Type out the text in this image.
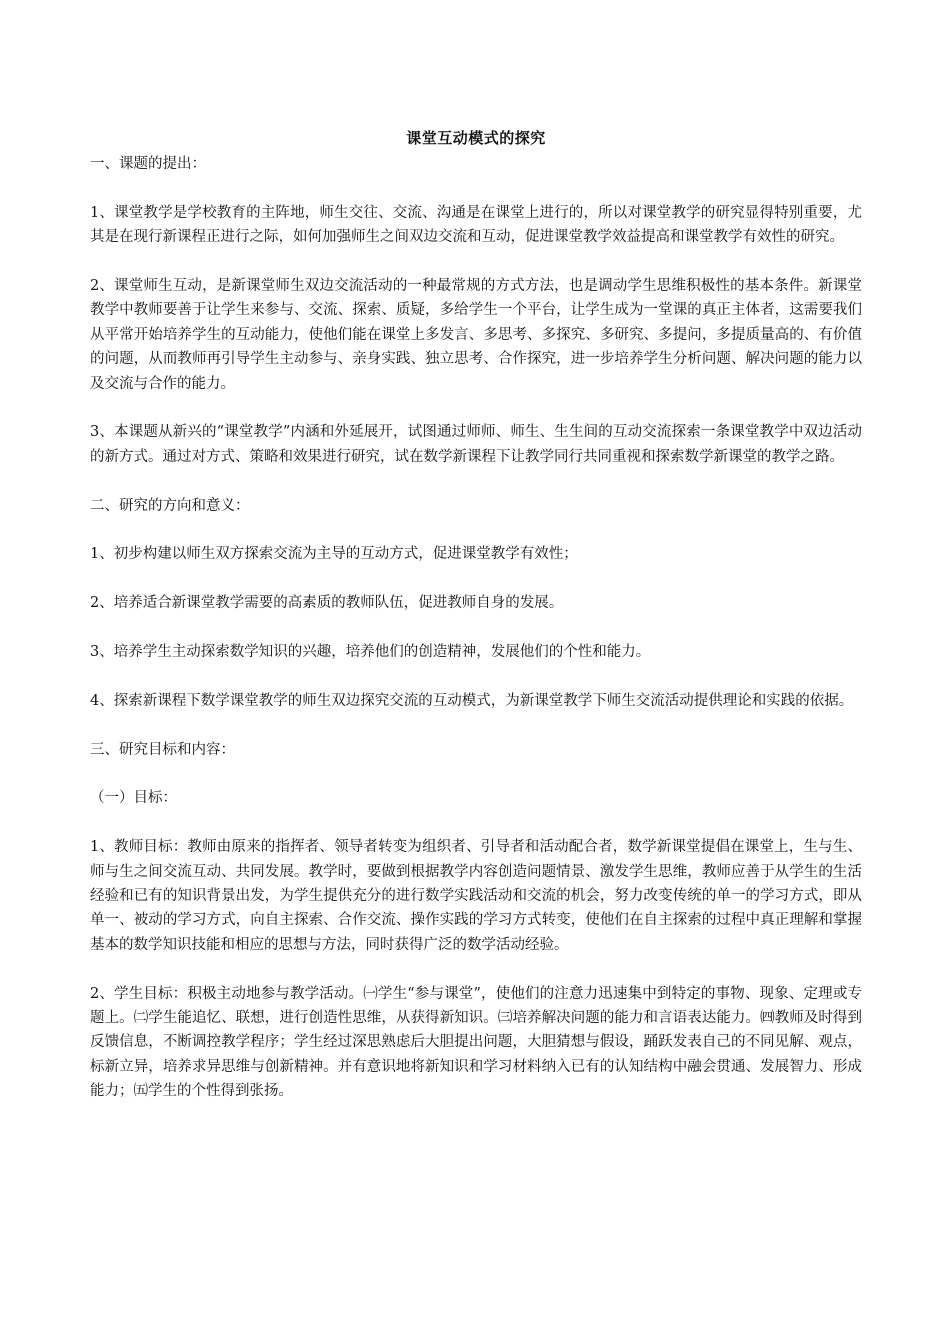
课堂互动模式的探究

一、课题的提出：

1、课堂教学是学校教育的主阵地，师生交往、交流、沟通是在课堂上进行的，所以对课堂教学的研究显得特别重要，尤其是在现行新课程正进行之际，如何加强师生之间双边交流和互动，促进课堂教学效益提高和课堂教学有效性的研究。

2、课堂师生互动，是新课堂师生双边交流活动的一种最常规的方式方法，也是调动学生思维积极性的基本条件。新课堂教学中教师要善于让学生来参与、交流、探索、质疑，多给学生一个平台，让学生成为一堂课的真正主体者，这需要我们从平常开始培养学生的互动能力，使他们能在课堂上多发言、多思考、多探究、多研究、多提问，多提质量高的、有价值的问题，从而教师再引导学生主动参与、亲身实践、独立思考、合作探究，进一步培养学生分析问题、解决问题的能力以及交流与合作的能力。

3、本课题从新兴的“课堂教学”内涵和外延展开，试图通过师师、师生、生生间的互动交流探索一条课堂教学中双边活动的新方式。通过对方式、策略和效果进行研究，试在数学新课程下让教学同行共同重视和探索数学新课堂的教学之路。

二、研究的方向和意义：

1、初步构建以师生双方探索交流为主导的互动方式，促进课堂教学有效性；

2、培养适合新课堂教学需要的高素质的教师队伍，促进教师自身的发展。

3、培养学生主动探索数学知识的兴趣，培养他们的创造精神，发展他们的个性和能力。

4、探索新课程下数学课堂教学的师生双边探究交流的互动模式，为新课堂教学下师生交流活动提供理论和实践的依据。

三、研究目标和内容：

（一）目标：

1、教师目标：教师由原来的指挥者、领导者转变为组织者、引导者和活动配合者，数学新课堂提倡在课堂上，生与生、师与生之间交流互动、共同发展。教学时，要做到根据教学内容创造问题情景、激发学生思维，教师应善于从学生的生活经验和已有的知识背景出发，为学生提供充分的进行数学实践活动和交流的机会，努力改变传统的单一的学习方式，即从单一、被动的学习方式，向自主探索、合作交流、操作实践的学习方式转变，使他们在自主探索的过程中真正理解和掌握基本的数学知识技能和相应的思想与方法，同时获得广泛的数学活动经验。

2、学生目标：积极主动地参与教学活动。㈠学生“参与课堂”，使他们的注意力迅速集中到特定的事物、现象、定理或专题上。㈡学生能追忆、联想，进行创造性思维，从获得新知识。㈢培养解决问题的能力和言语表达能力。㈣教师及时得到反馈信息，不断调控教学程序；学生经过深思熟虑后大胆提出问题，大胆猜想与假设，踊跃发表自己的不同见解、观点，标新立异，培养求异思维与创新精神。并有意识地将新知识和学习材料纳入已有的认知结构中融会贯通、发展智力、形成能力；㈤学生的个性得到张扬。
